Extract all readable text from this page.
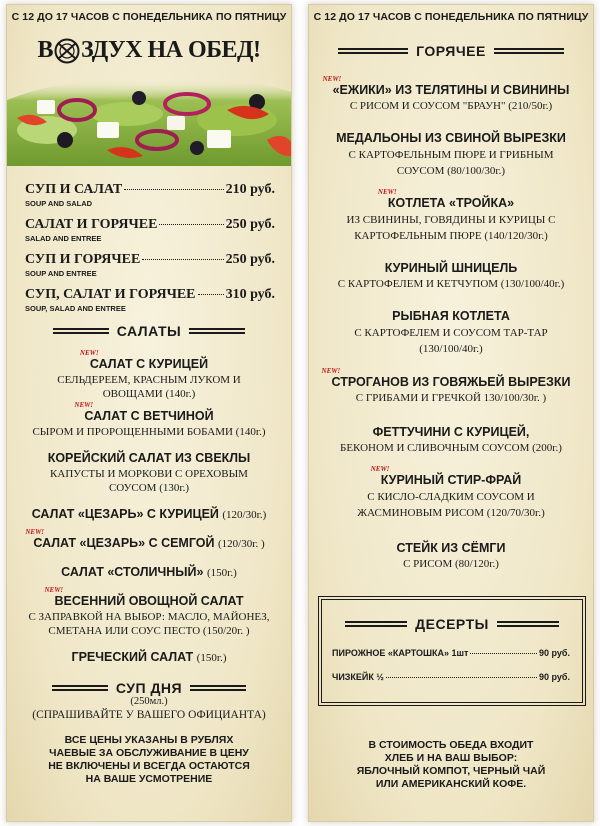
С 12 ДО 17 ЧАСОВ С ПОНЕДЕЛЬНИКА ПО ПЯТНИЦУ
В ЗДУХ НА ОБЕД!
СУП И САЛАТ	210 руб.
SOUP AND SALAD
САЛАТ И ГОРЯЧЕЕ	250 руб.
SALAD AND ENTREE
СУП И ГОРЯЧЕЕ	250 руб.
SOUP AND ENTREE
СУП, САЛАТ И ГОРЯЧЕЕ 310 руб.
SOUP, SALAD AND ENTREE
САЛАТЫ
NEW!
САЛАТ С КУРИЦЕЙ
СЕЛЬДЕРЕЕМ, КРАСНЫМ ЛУКОМ И ОВОЩАМИ (140г.)
NEW!
САЛАТ С ВЕТЧИНОЙ
СЫРОМ И ПРОРОЩЕННЫМИ БОБАМИ (140г.)
КОРЕЙСКИЙ САЛАТ ИЗ СВЕКЛЫ
КАПУСТЫ И МОРКОВИ С ОРЕХОВЫМ СОУСОМ (130г.)
САЛАТ «ЦЕЗАРЬ» С КУРИЦЕЙ (120/30г.)
NEW!
САЛАТ «ЦЕЗАРЬ» С СЕМГОЙ (120/30г. )
САЛАТ «СТОЛИЧНЫЙ» (150г.)
NEW!
ВЕСЕННИЙ ОВОЩНОЙ САЛАТ
С ЗАПРАВКОЙ НА ВЫБОР: МАСЛО, МАЙОНЕЗ, СМЕТАНА ИЛИ СОУС ПЕСТО (150/20г. )
ГРЕЧЕСКИЙ САЛАТ (150г.)
СУП ДНЯ
(250мл.)
(СПРАШИВАЙТЕ У ВАШЕГО ОФИЦИАНТА)
ВСЕ ЦЕНЫ УКАЗАНЫ В РУБЛЯХ
ЧАЕВЫЕ ЗА ОБСЛУЖИВАНИЕ В ЦЕНУ
НЕ ВКЛЮЧЕНЫ И ВСЕГДА ОСТАЮТСЯ
НА ВАШЕ УСМОТРЕНИЕ
С 12 ДО 17 ЧАСОВ С ПОНЕДЕЛЬНИКА ПО ПЯТНИЦУ
ГОРЯЧЕЕ
NEW!
«ЕЖИКИ» ИЗ ТЕЛЯТИНЫ И СВИНИНЫ
С РИСОМ И СОУСОМ "БРАУН" (210/50г.)
МЕДАЛЬОНЫ ИЗ СВИНОЙ ВЫРЕЗКИ
С КАРТОФЕЛЬНЫМ ПЮРЕ И ГРИБНЫМ СОУСОМ (80/100/30г.)
NEW!
КОТЛЕТА «ТРОЙКА»
ИЗ СВИНИНЫ, ГОВЯДИНЫ И КУРИЦЫ С КАРТОФЕЛЬНЫМ ПЮРЕ (140/120/30г.)
КУРИНЫЙ ШНИЦЕЛЬ
С КАРТОФЕЛЕМ И КЕТЧУПОМ (130/100/40г.)
РЫБНАЯ КОТЛЕТА
С КАРТОФЕЛЕМ И СОУСОМ ТАР-ТАР (130/100/40г.)
NEW!
СТРОГАНОВ ИЗ ГОВЯЖЬЕЙ ВЫРЕЗКИ
С ГРИБАМИ И ГРЕЧКОЙ 130/100/30г. )
ФЕТТУЧИНИ С КУРИЦЕЙ,
БЕКОНОМ И СЛИВОЧНЫМ СОУСОМ (200г.)
NEW!
КУРИНЫЙ СТИР-ФРАЙ
С КИСЛО-СЛАДКИМ СОУСОМ И ЖАСМИНОВЫМ РИСОМ (120/70/30г.)
СТЕЙК ИЗ СЁМГИ
С РИСОМ (80/120г.)
ДЕСЕРТЫ
ПИРОЖНОЕ «КАРТОШКА» 1шт	90 руб.
ЧИЗКЕЙК ½	90 руб.
В СТОИМОСТЬ ОБЕДА ВХОДИТ
ХЛЕБ И НА ВАШ ВЫБОР:
ЯБЛОЧНЫЙ КОМПОТ, ЧЕРНЫЙ ЧАЙ
ИЛИ АМЕРИКАНСКИЙ КОФЕ.
